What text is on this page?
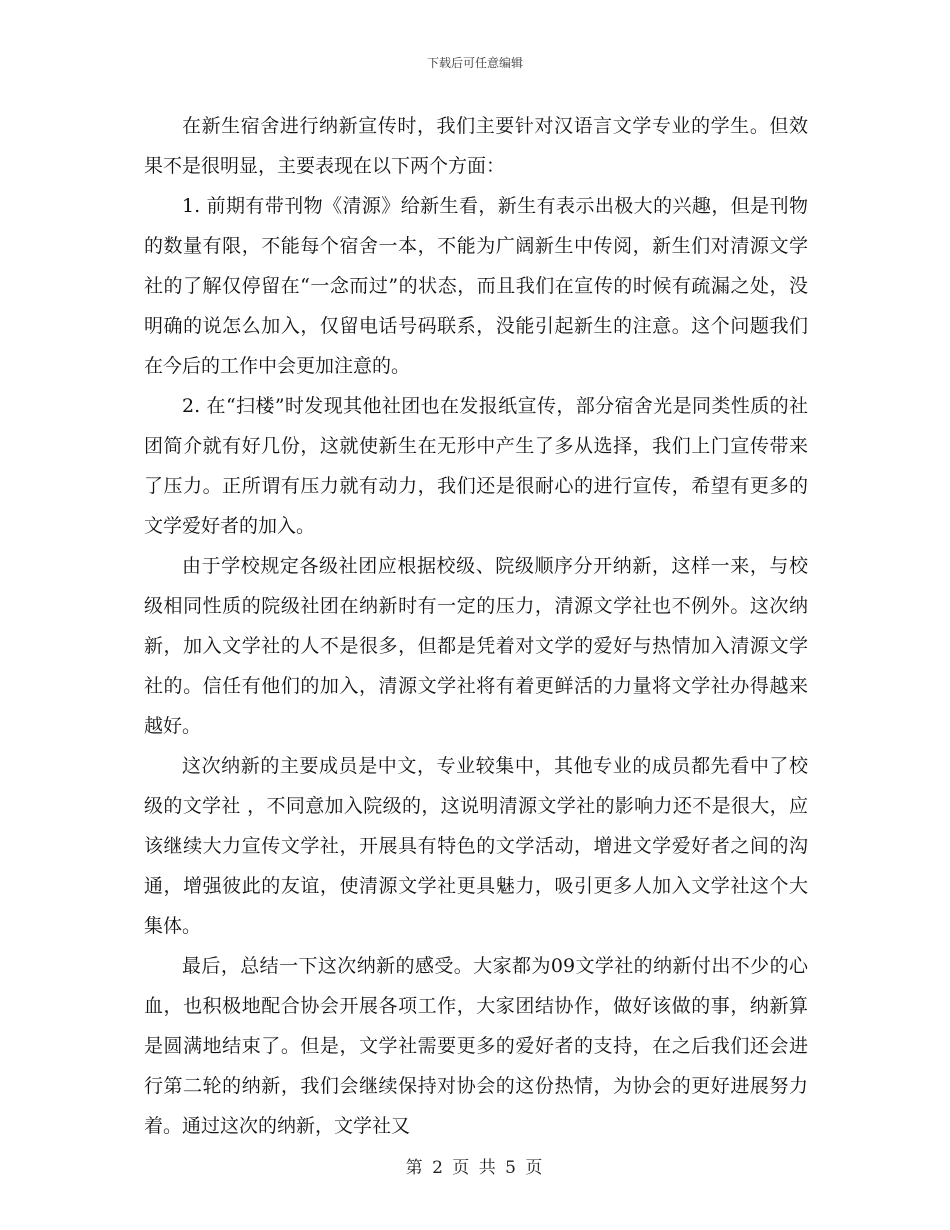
下载后可任意编辑

在新生宿舍进行纳新宣传时，我们主要针对汉语言文学专业的学生。但效果不是很明显，主要表现在以下两个方面：

1. 前期有带刊物《清源》给新生看，新生有表示出极大的兴趣，但是刊物的数量有限，不能每个宿舍一本，不能为广阔新生中传阅，新生们对清源文学社的了解仅停留在“一念而过”的状态，而且我们在宣传的时候有疏漏之处，没明确的说怎么加入，仅留电话号码联系，没能引起新生的注意。这个问题我们在今后的工作中会更加注意的。

2. 在“扫楼”时发现其他社团也在发报纸宣传，部分宿舍光是同类性质的社团简介就有好几份，这就使新生在无形中产生了多从选择，我们上门宣传带来了压力。正所谓有压力就有动力，我们还是很耐心的进行宣传，希望有更多的文学爱好者的加入。

由于学校规定各级社团应根据校级、院级顺序分开纳新，这样一来，与校级相同性质的院级社团在纳新时有一定的压力，清源文学社也不例外。这次纳新，加入文学社的人不是很多，但都是凭着对文学的爱好与热情加入清源文学社的。信任有他们的加入，清源文学社将有着更鲜活的力量将文学社办得越来越好。

这次纳新的主要成员是中文，专业较集中，其他专业的成员都先看中了校级的文学社 ，不同意加入院级的，这说明清源文学社的影响力还不是很大，应该继续大力宣传文学社，开展具有特色的文学活动，增进文学爱好者之间的沟通，增强彼此的友谊，使清源文学社更具魅力，吸引更多人加入文学社这个大集体。

最后，总结一下这次纳新的感受。大家都为09文学社的纳新付出不少的心血，也积极地配合协会开展各项工作，大家团结协作，做好该做的事，纳新算是圆满地结束了。但是，文学社需要更多的爱好者的支持，在之后我们还会进行第二轮的纳新，我们会继续保持对协会的这份热情，为协会的更好进展努力着。通过这次的纳新，文学社又

第 2 页 共 5 页
